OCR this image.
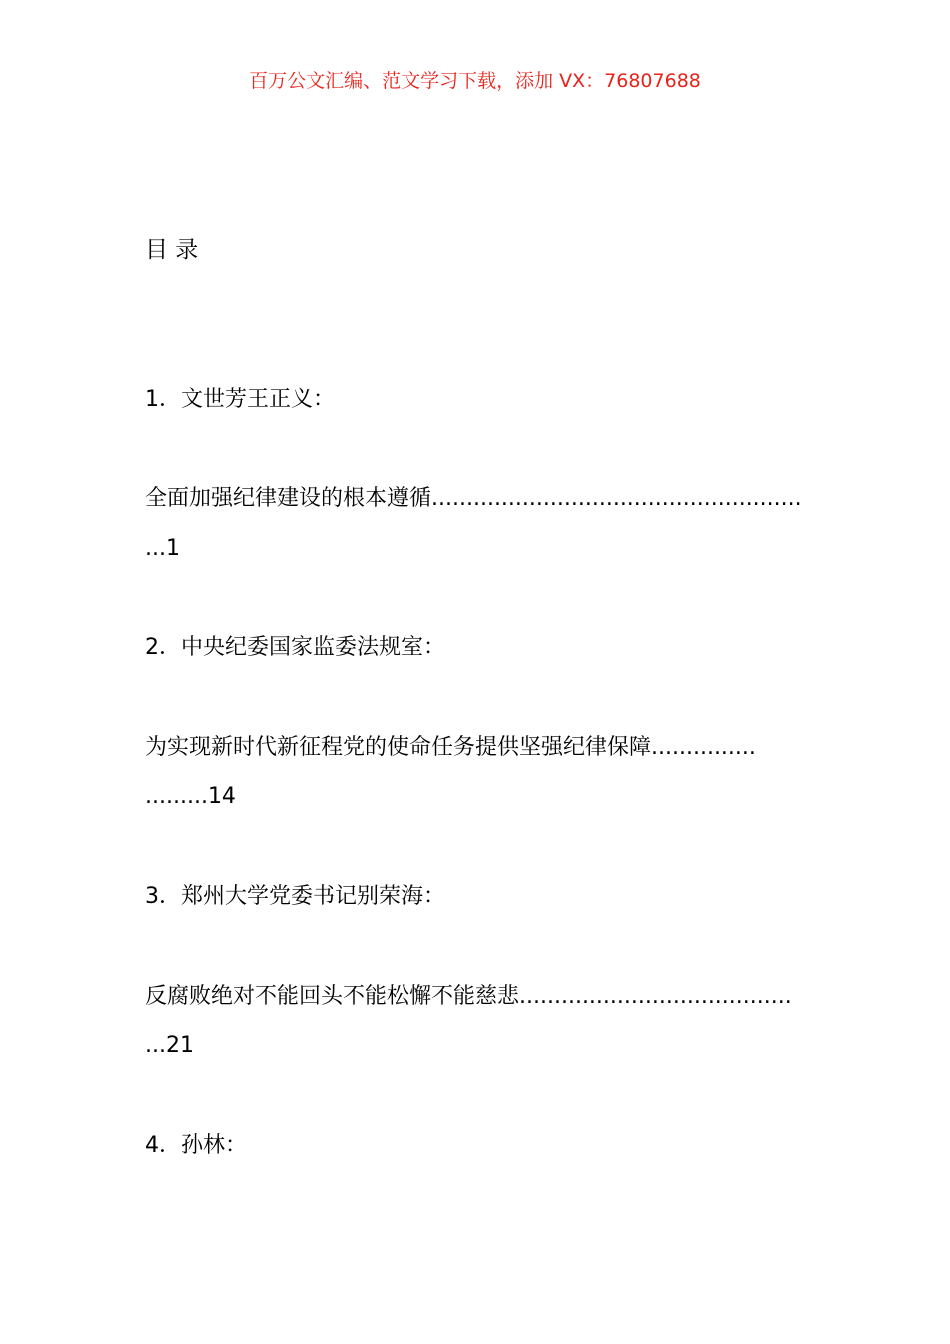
百万公文汇编、范文学习下载，添加 VX：76807688
目 录
1．文世芳王正义：
全面加强纪律建设的根本遵循.....................................................
...1
2．中央纪委国家监委法规室：
为实现新时代新征程党的使命任务提供坚强纪律保障...............
.........14
3．郑州大学党委书记别荣海：
反腐败绝对不能回头不能松懈不能慈悲.......................................
...21
4．孙林：
